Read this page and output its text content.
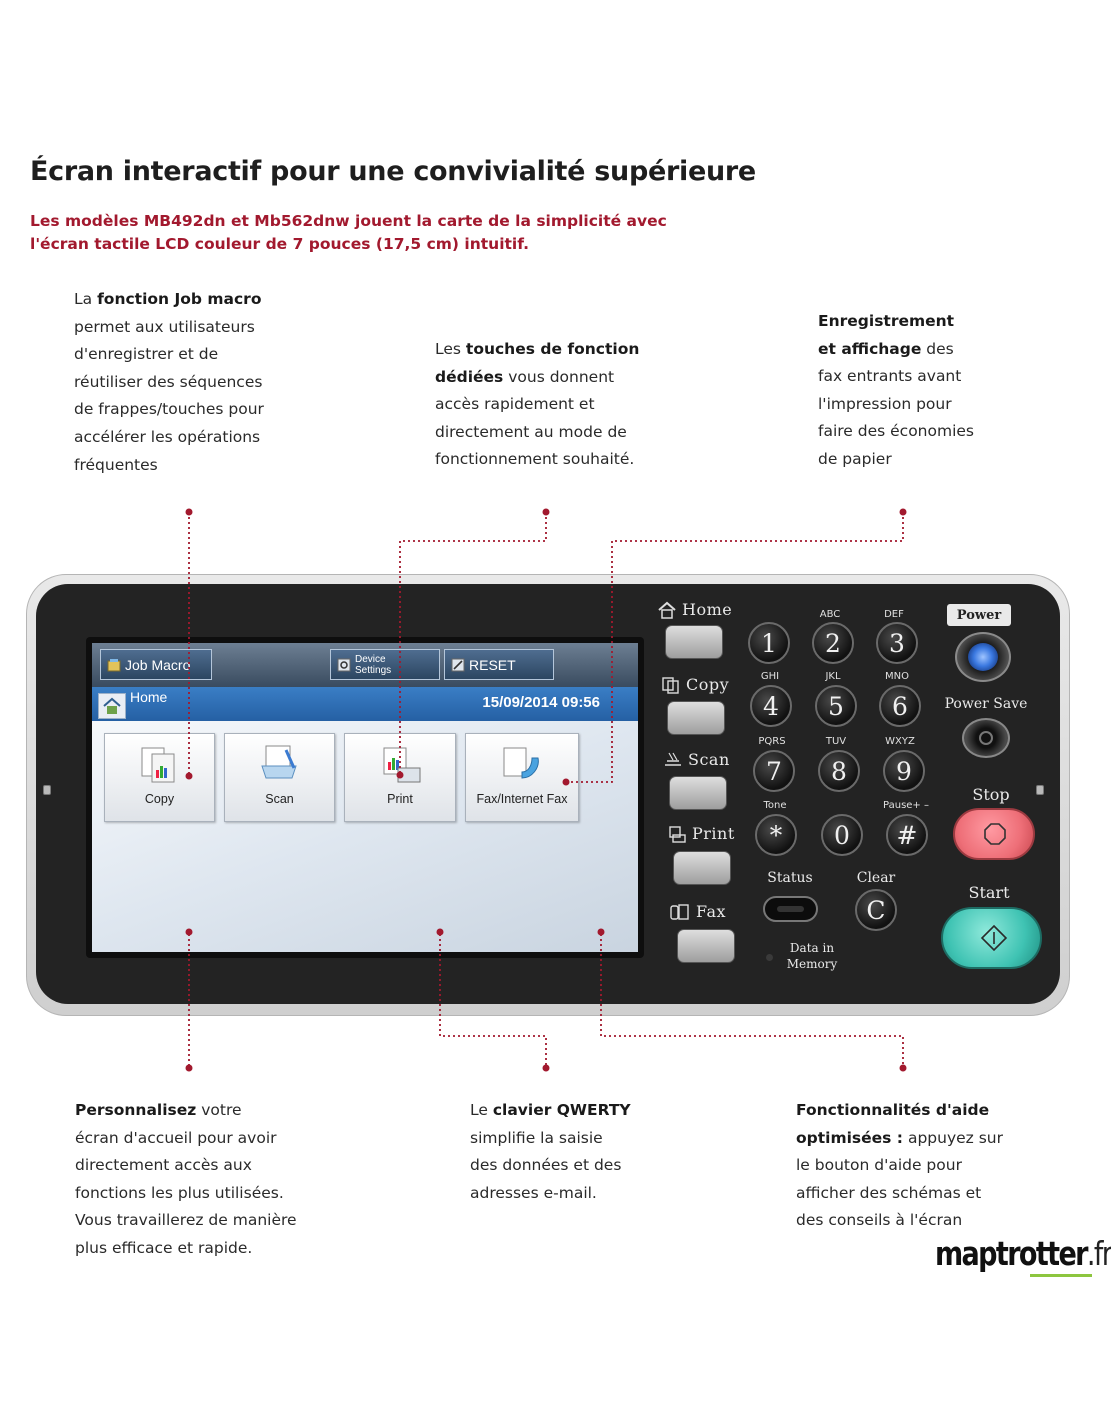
Écran interactif pour une convivialité supérieure

Les modèles MB492dn et Mb562dnw jouent la carte de la simplicité avec l'écran tactile LCD couleur de 7 pouces (17,5 cm) intuitif.

La fonction Job macro
permet aux utilisateurs
d'enregistrer et de
réutiliser des séquences
de frappes/touches pour
accélérer les opérations
fréquentes
Les touches de fonction
dédiées vous donnent
accès rapidement et
directement au mode de
fonctionnement souhaité.
Enregistrement
et affichage des
fax entrants avant
l'impression pour
faire des économies
de papier
Personnalisez votre
écran d'accueil pour avoir
directement accès aux
fonctions les plus utilisées.
Vous travaillerez de manière
plus efficace et rapide.
Le clavier QWERTY
simplifie la saisie
des données et des
adresses e-mail.
Fonctionnalités d'aide
optimisées : appuyez sur
le bouton d'aide pour
afficher des schémas et
des conseils à l'écran
Job Macro	Device
Settings	RESET
Home	15/09/2014 09:56
Copy	Scan	Print	Fax/Internet Fax
Home
Copy
Scan
Print
Fax
ABC	DEF
GHI	JKL	MNO
PQRS	TUV	WXYZ
Tone	Pause+ –
1	2	3
4	5	6
7	8	9
*	0	#
Status	Clear
C
Data in
Memory
Power
Power Save
Stop
Start
maptrotter.fr
